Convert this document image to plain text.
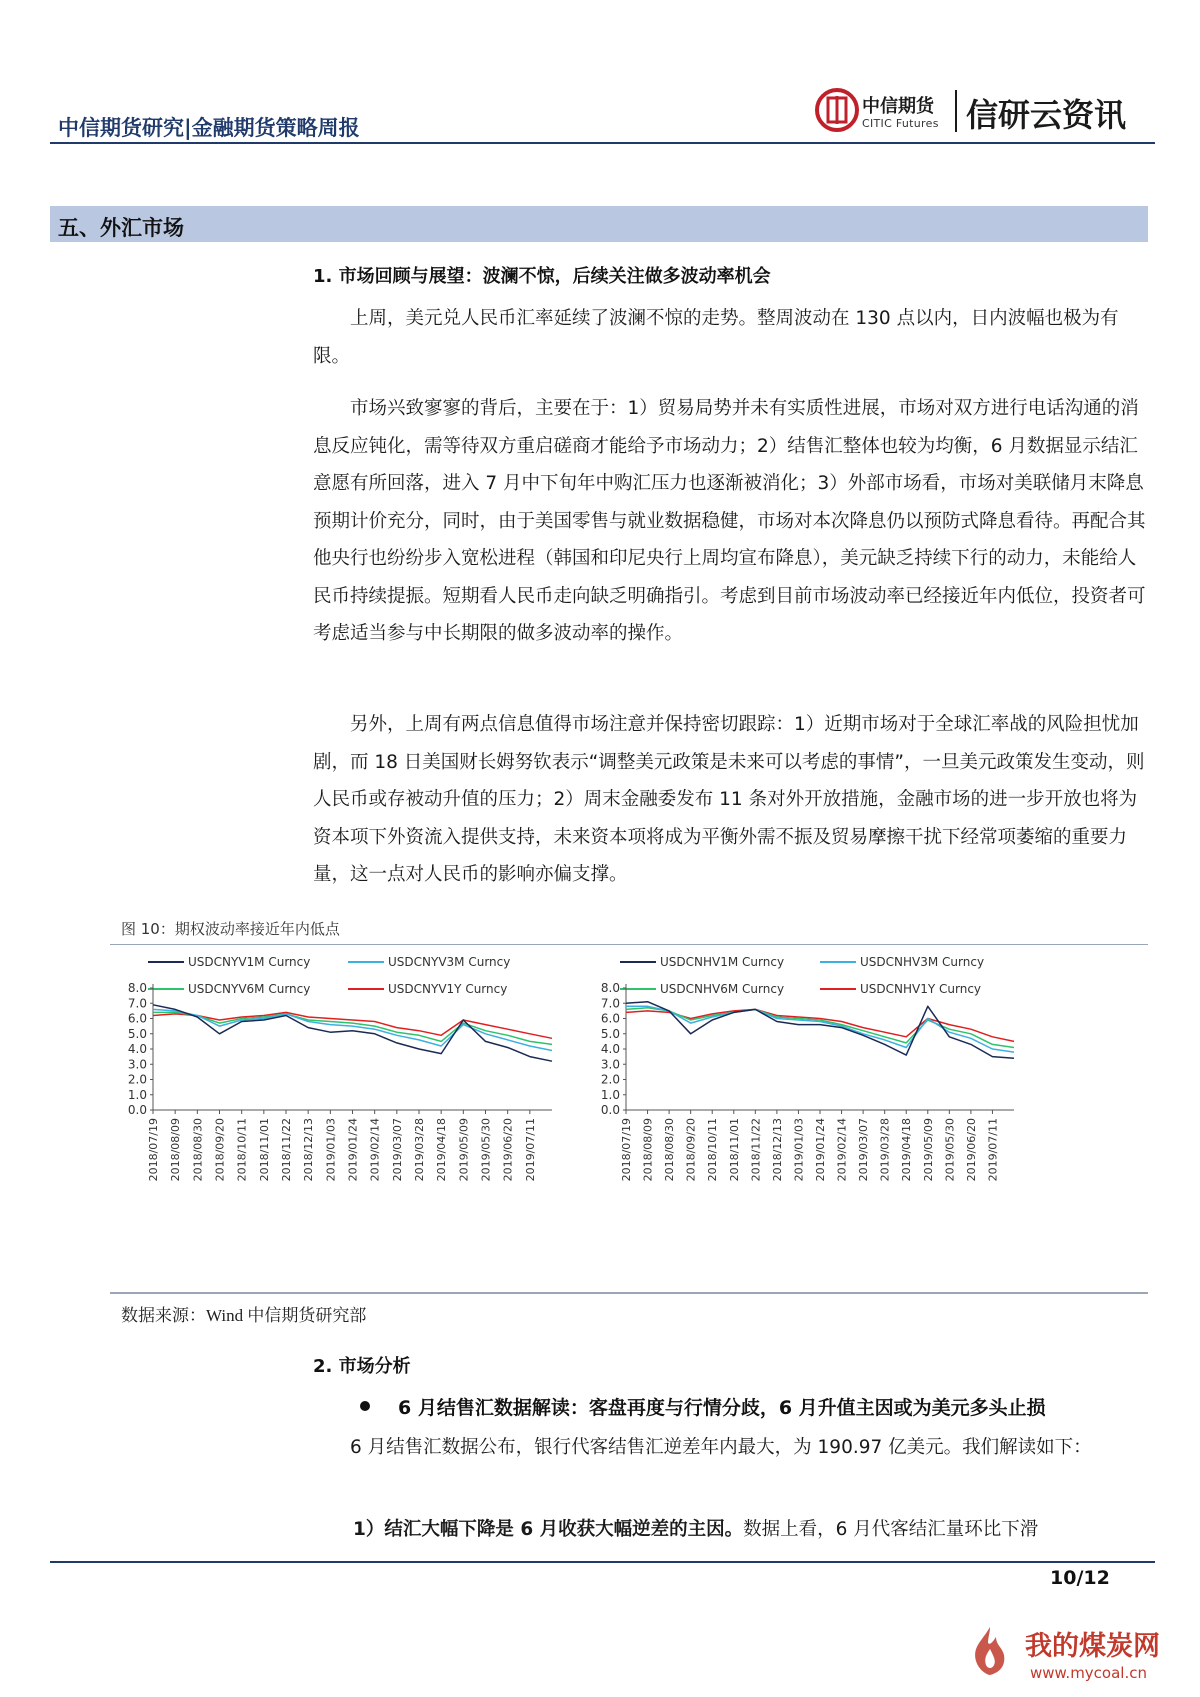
中信期货研究|金融期货策略周报
中信期货
CITIC Futures 信研云资讯
五、外汇市场
1. 市场回顾与展望：波澜不惊，后续关注做多波动率机会

上周，美元兑人民币汇率延续了波澜不惊的走势。整周波动在 130 点以内，日内波幅也极为有限。

市场兴致寥寥的背后，主要在于：1）贸易局势并未有实质性进展，市场对双方进行电话沟通的消息反应钝化，需等待双方重启磋商才能给予市场动力；2）结售汇整体也较为均衡，6 月数据显示结汇意愿有所回落，进入 7 月中下旬年中购汇压力也逐渐被消化；3）外部市场看，市场对美联储月末降息预期计价充分，同时，由于美国零售与就业数据稳健，市场对本次降息仍以预防式降息看待。再配合其他央行也纷纷步入宽松进程（韩国和印尼央行上周均宣布降息），美元缺乏持续下行的动力，未能给人民币持续提振。短期看人民币走向缺乏明确指引。考虑到目前市场波动率已经接近年内低位，投资者可考虑适当参与中长期限的做多波动率的操作。

另外，上周有两点信息值得市场注意并保持密切跟踪：1）近期市场对于全球汇率战的风险担忧加剧，而 18 日美国财长姆努钦表示“调整美元政策是未来可以考虑的事情”，一旦美元政策发生变动，则人民币或存被动升值的压力；2）周末金融委发布 11 条对外开放措施，金融市场的进一步开放也将为资本项下外资流入提供支持，未来资本项将成为平衡外需不振及贸易摩擦干扰下经常项萎缩的重要力量，这一点对人民币的影响亦偏支撑。

图 10：期权波动率接近年内低点
USDCNYV1M Curncy	USDCNYV3M Curncy
USDCNYV6M Curncy	USDCNYV1Y Curncy
0.0
1.0
2.0
3.0
4.0
5.0
6.0
7.0
8.0
2018/07/19 2018/08/09 2018/08/30 2018/09/20 2018/10/11 2018/11/01 2018/11/22 2018/12/13 2019/01/03 2019/01/24 2019/02/14 2019/03/07 2019/03/28 2019/04/18 2019/05/09 2019/05/30 2019/06/20 2019/07/11
USDCNHV1M Curncy	USDCNHV3M Curncy
USDCNHV6M Curncy	USDCNHV1Y Curncy
0.0
1.0
2.0
3.0
4.0
5.0
6.0
7.0
8.0
2018/07/19 2018/08/09 2018/08/30 2018/09/20 2018/10/11 2018/11/01 2018/11/22 2018/12/13 2019/01/03 2019/01/24 2019/02/14 2019/03/07 2019/03/28 2019/04/18 2019/05/09 2019/05/30 2019/06/20 2019/07/11
数据来源：Wind 中信期货研究部
2. 市场分析
6 月结售汇数据解读：客盘再度与行情分歧，6 月升值主因或为美元多头止损

6 月结售汇数据公布，银行代客结售汇逆差年内最大，为 190.97 亿美元。我们解读如下：

1）结汇大幅下降是 6 月收获大幅逆差的主因。数据上看，6 月代客结汇量环比下滑
10/12
我的煤炭网
www.mycoal.cn
